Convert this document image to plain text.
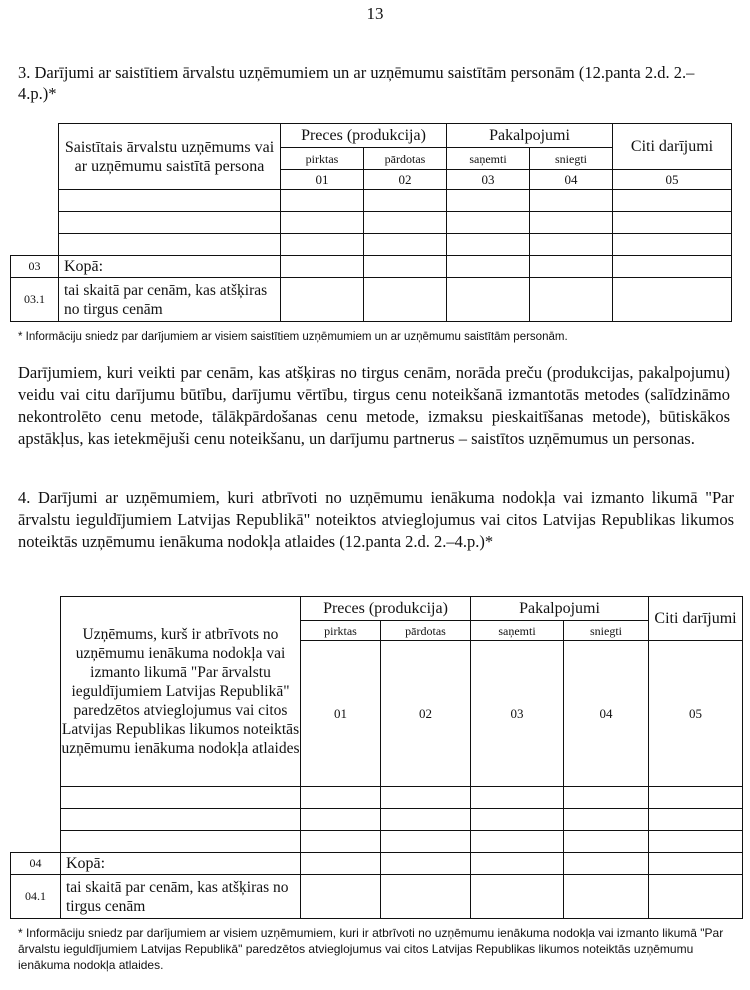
13
3. Darījumi ar saistītiem ārvalstu uzņēmumiem un ar uzņēmumu saistītām personām (12.panta 2.d. 2.–4.p.)*
	Saistītais ārvalstu uzņēmums vai ar uzņēmumu saistītā persona	Preces (produkcija)		Pakalpojumi		Citi darījumi
		pirktas	pārdotas	saņemti	sniegti	
		01	02	03	04	05

03	Kopā:					
03.1	tai skaitā par cenām, kas atšķiras no tirgus cenām					
* Informāciju sniedz par darījumiem ar visiem saistītiem uzņēmumiem un ar uzņēmumu saistītām personām.
Darījumiem, kuri veikti par cenām, kas atšķiras no tirgus cenām, norāda preču (produkcijas, pakalpojumu) veidu vai citu darījumu būtību, darījumu vērtību, tirgus cenu noteikšanā izmantotās metodes (salīdzināmo nekontrolēto cenu metode, tālākpārdošanas cenu metode, izmaksu pieskaitīšanas metode), būtiskākos apstākļus, kas ietekmējuši cenu noteikšanu, un darījumu partnerus – saistītos uzņēmumus un personas.
4. Darījumi ar uzņēmumiem, kuri atbrīvoti no uzņēmumu ienākuma nodokļa vai izmanto likumā "Par ārvalstu ieguldījumiem Latvijas Republikā" noteiktos atvieglojumus vai citos Latvijas Republikas likumos noteiktās uzņēmumu ienākuma nodokļa atlaides (12.panta 2.d. 2.–4.p.)*
	Uzņēmums, kurš ir atbrīvots no uzņēmumu ienākuma nodokļa vai izmanto likumā "Par ārvalstu ieguldījumiem Latvijas Republikā" paredzētos atvieglojumus vai citos Latvijas Republikas likumos noteiktās uzņēmumu ienākuma nodokļa atlaides	Preces (produkcija)		Pakalpojumi		Citi darījumi
		pirktas	pārdotas	saņemti	sniegti	
		01	02	03	04	05

04	Kopā:					
04.1	tai skaitā par cenām, kas atšķiras no tirgus cenām					
* Informāciju sniedz par darījumiem ar visiem uzņēmumiem, kuri ir atbrīvoti no uzņēmumu ienākuma nodokļa vai izmanto likumā "Par ārvalstu ieguldījumiem Latvijas Republikā" paredzētos atvieglojumus vai citos Latvijas Republikas likumos noteiktās uzņēmumu ienākuma nodokļa atlaides.
